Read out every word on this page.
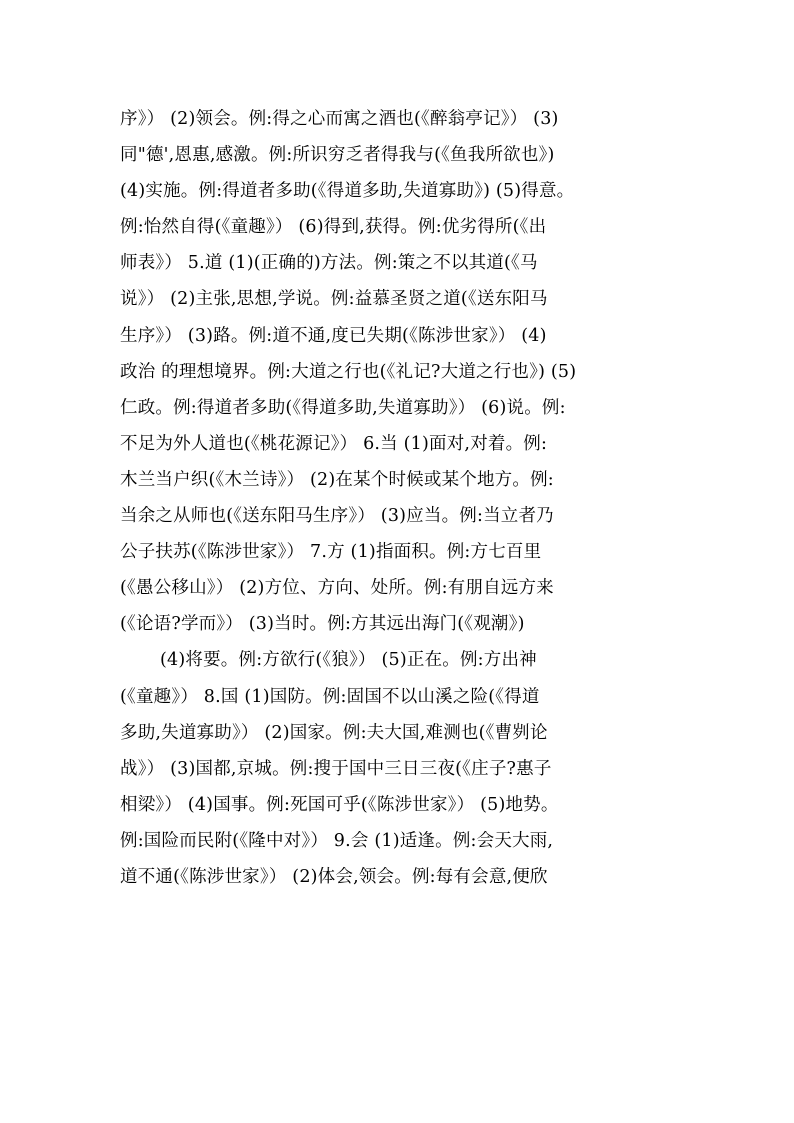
序》） (2)领会。例:得之心而寓之酒也(《醉翁亭记》） (3)
同"德',恩惠,感激。例:所识穷乏者得我与(《鱼我所欲也》)
(4)实施。例:得道者多助(《得道多助,失道寡助》) (5)得意。
例:怡然自得(《童趣》） (6)得到,获得。例:优劣得所(《出
师表》） 5.道 (1)(正确的)方法。例:策之不以其道(《马
说》） (2)主张,思想,学说。例:益慕圣贤之道(《送东阳马
生序》） (3)路。例:道不通,度已失期(《陈涉世家》） (4)
政治 的理想境界。例:大道之行也(《礼记?大道之行也》) (5)
仁政。例:得道者多助(《得道多助,失道寡助》） (6)说。例:
不足为外人道也(《桃花源记》） 6.当 (1)面对,对着。例:
木兰当户织(《木兰诗》） (2)在某个时候或某个地方。例:
当余之从师也(《送东阳马生序》） (3)应当。例:当立者乃
公子扶苏(《陈涉世家》） 7.方 (1)指面积。例:方七百里
(《愚公移山》） (2)方位、方向、处所。例:有朋自远方来
(《论语?学而》） (3)当时。例:方其远出海门(《观潮》)
(4)将要。例:方欲行(《狼》） (5)正在。例:方出神
(《童趣》） 8.国 (1)国防。例:固国不以山溪之险(《得道
多助,失道寡助》） (2)国家。例:夫大国,难测也(《曹刿论
战》） (3)国都,京城。例:搜于国中三日三夜(《庄子?惠子
相梁》） (4)国事。例:死国可乎(《陈涉世家》） (5)地势。
例:国险而民附(《隆中对》） 9.会 (1)适逢。例:会天大雨,
道不通(《陈涉世家》） (2)体会,领会。例:每有会意,便欣
